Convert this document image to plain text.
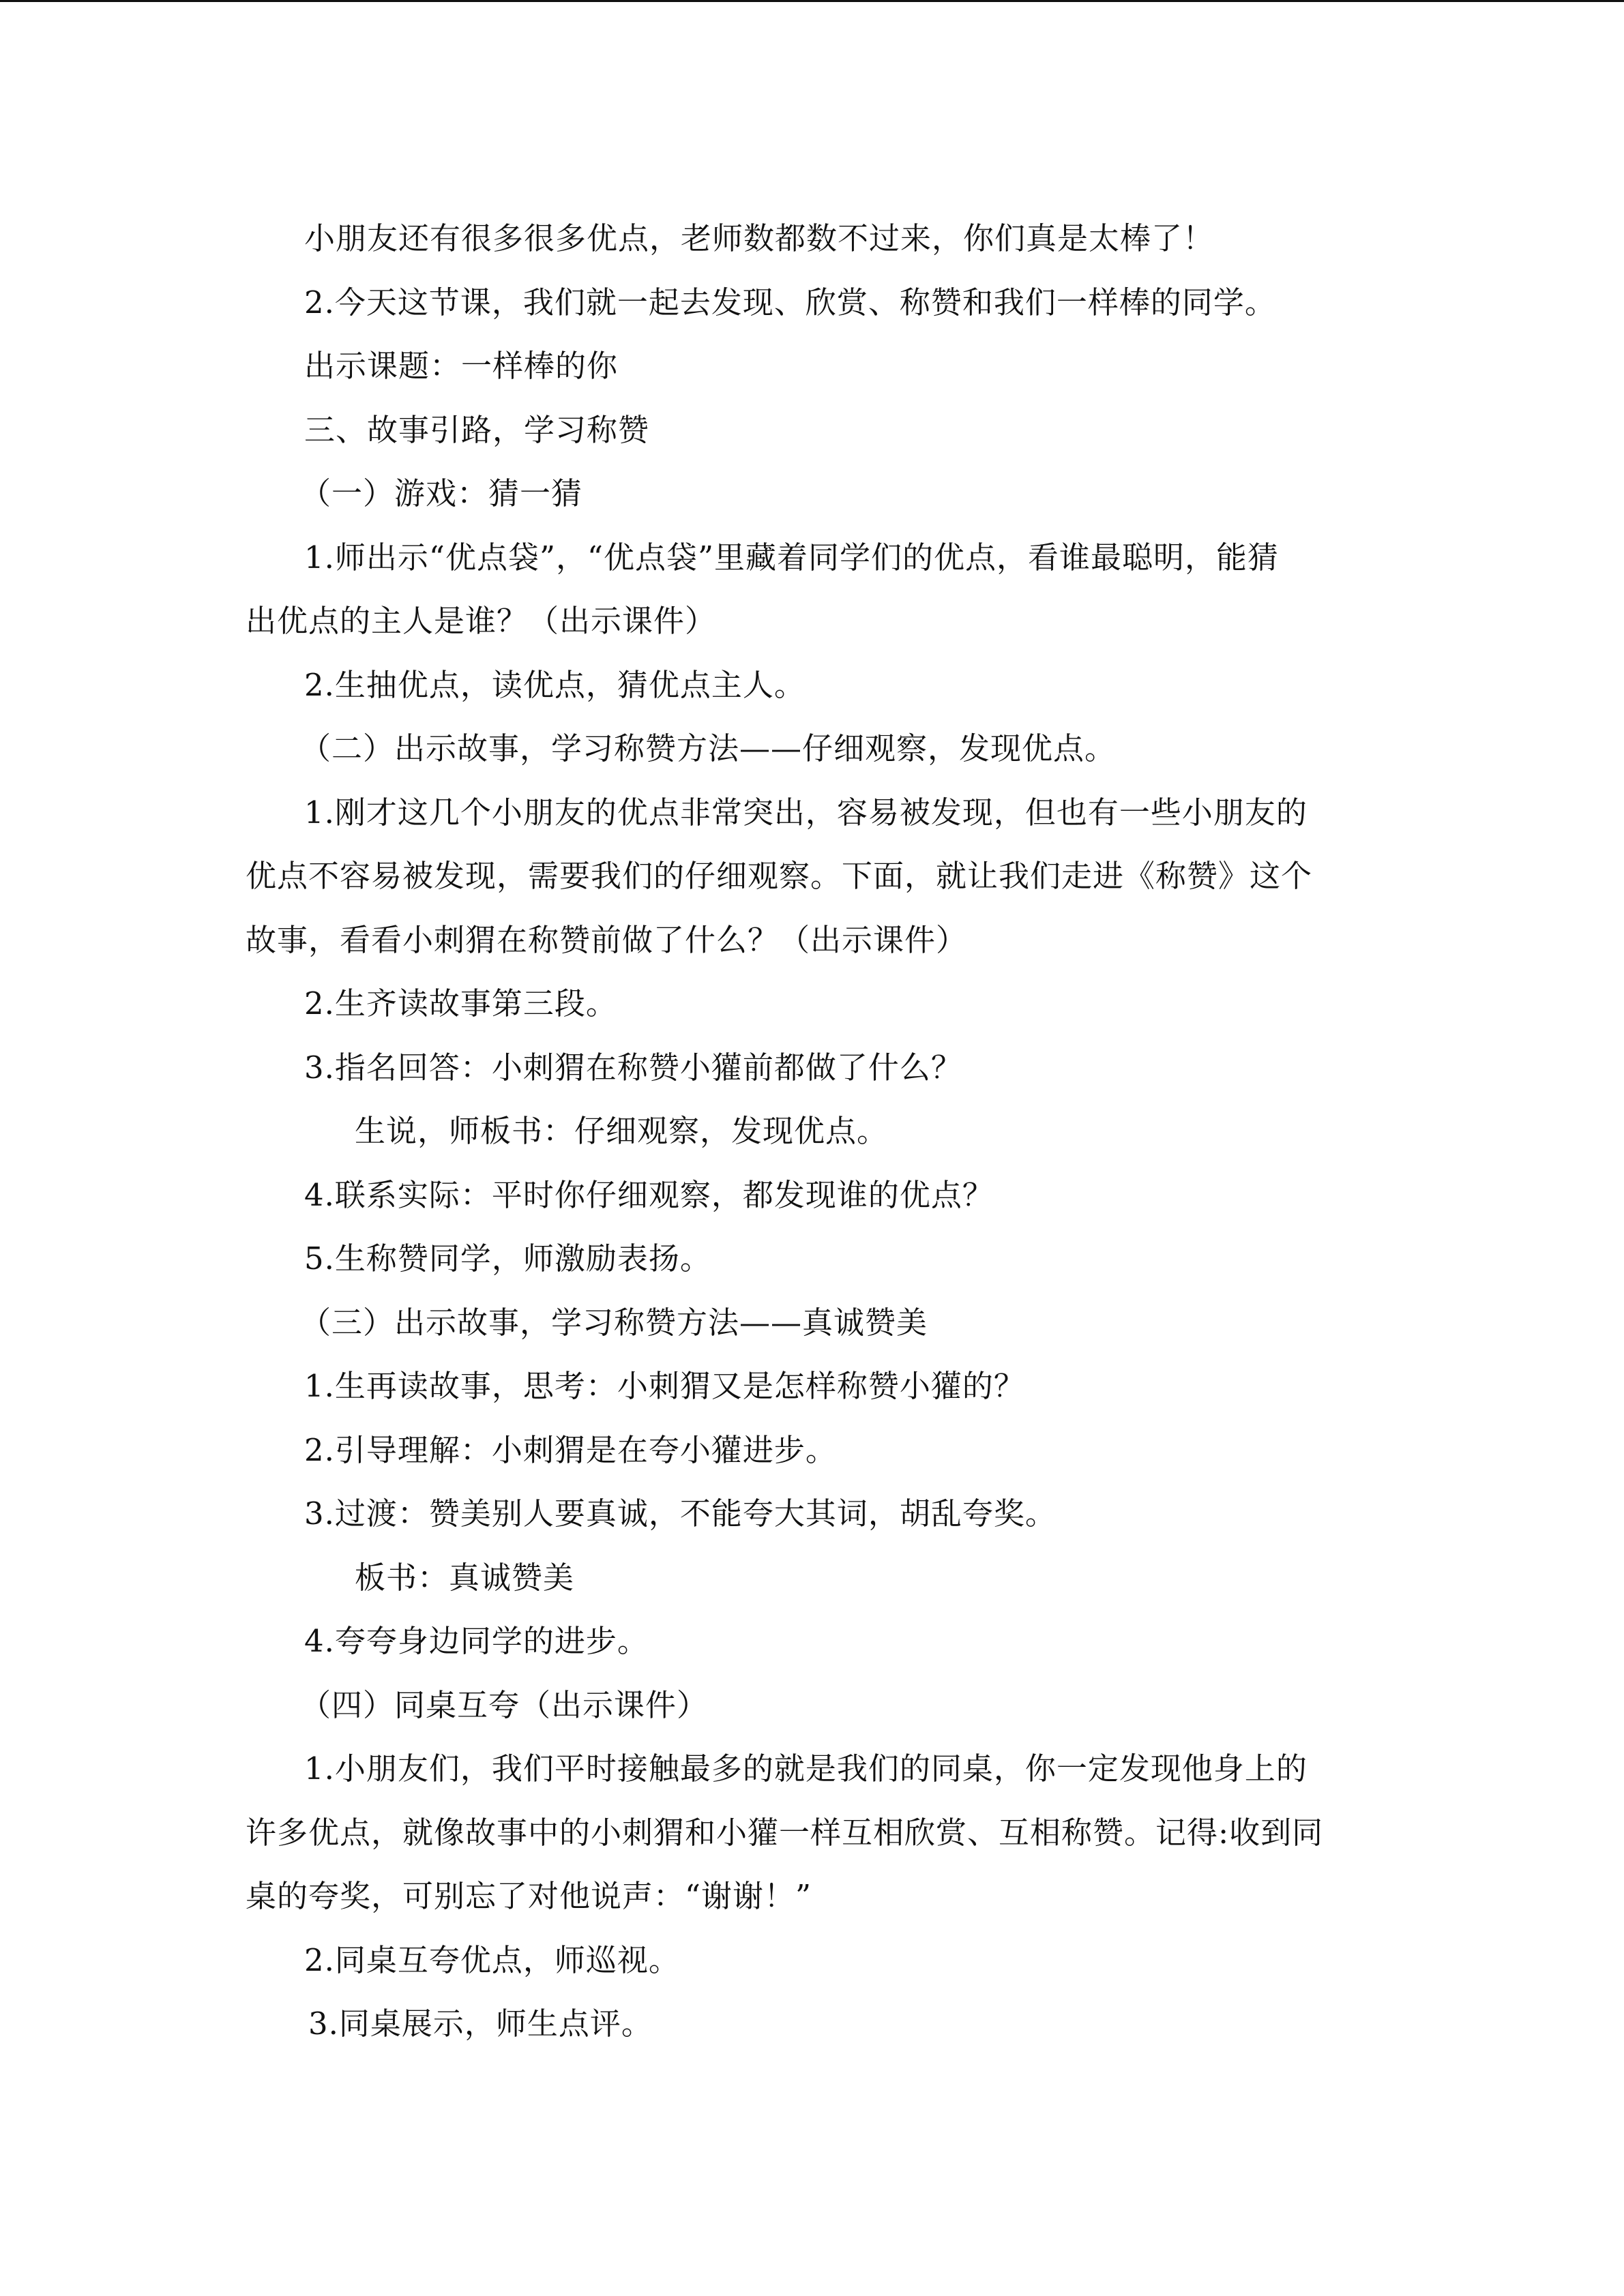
小朋友还有很多很多优点，老师数都数不过来，你们真是太棒了！
2.今天这节课，我们就一起去发现、欣赏、称赞和我们一样棒的同学。
出示课题：一样棒的你
三、故事引路，学习称赞
（一）游戏：猜一猜
1.师出示“优点袋”，“优点袋”里藏着同学们的优点，看谁最聪明，能猜
出优点的主人是谁？（出示课件）
2.生抽优点，读优点，猜优点主人。
（二）出示故事，学习称赞方法——仔细观察，发现优点。
1.刚才这几个小朋友的优点非常突出，容易被发现，但也有一些小朋友的
优点不容易被发现，需要我们的仔细观察。下面，就让我们走进《称赞》这个
故事，看看小刺猬在称赞前做了什么？（出示课件）
2.生齐读故事第三段。
3.指名回答：小刺猬在称赞小獾前都做了什么？
生说，师板书：仔细观察，发现优点。
4.联系实际：平时你仔细观察，都发现谁的优点？
5.生称赞同学，师激励表扬。
（三）出示故事，学习称赞方法——真诚赞美
1.生再读故事，思考：小刺猬又是怎样称赞小獾的？
2.引导理解：小刺猬是在夸小獾进步。
3.过渡：赞美别人要真诚，不能夸大其词，胡乱夸奖。
板书：真诚赞美
4.夸夸身边同学的进步。
（四）同桌互夸（出示课件）
1.小朋友们，我们平时接触最多的就是我们的同桌，你一定发现他身上的
许多优点，就像故事中的小刺猬和小獾一样互相欣赏、互相称赞。记得:收到同
桌的夸奖，可别忘了对他说声：“谢谢！”
2.同桌互夸优点，师巡视。
3.同桌展示，师生点评。
